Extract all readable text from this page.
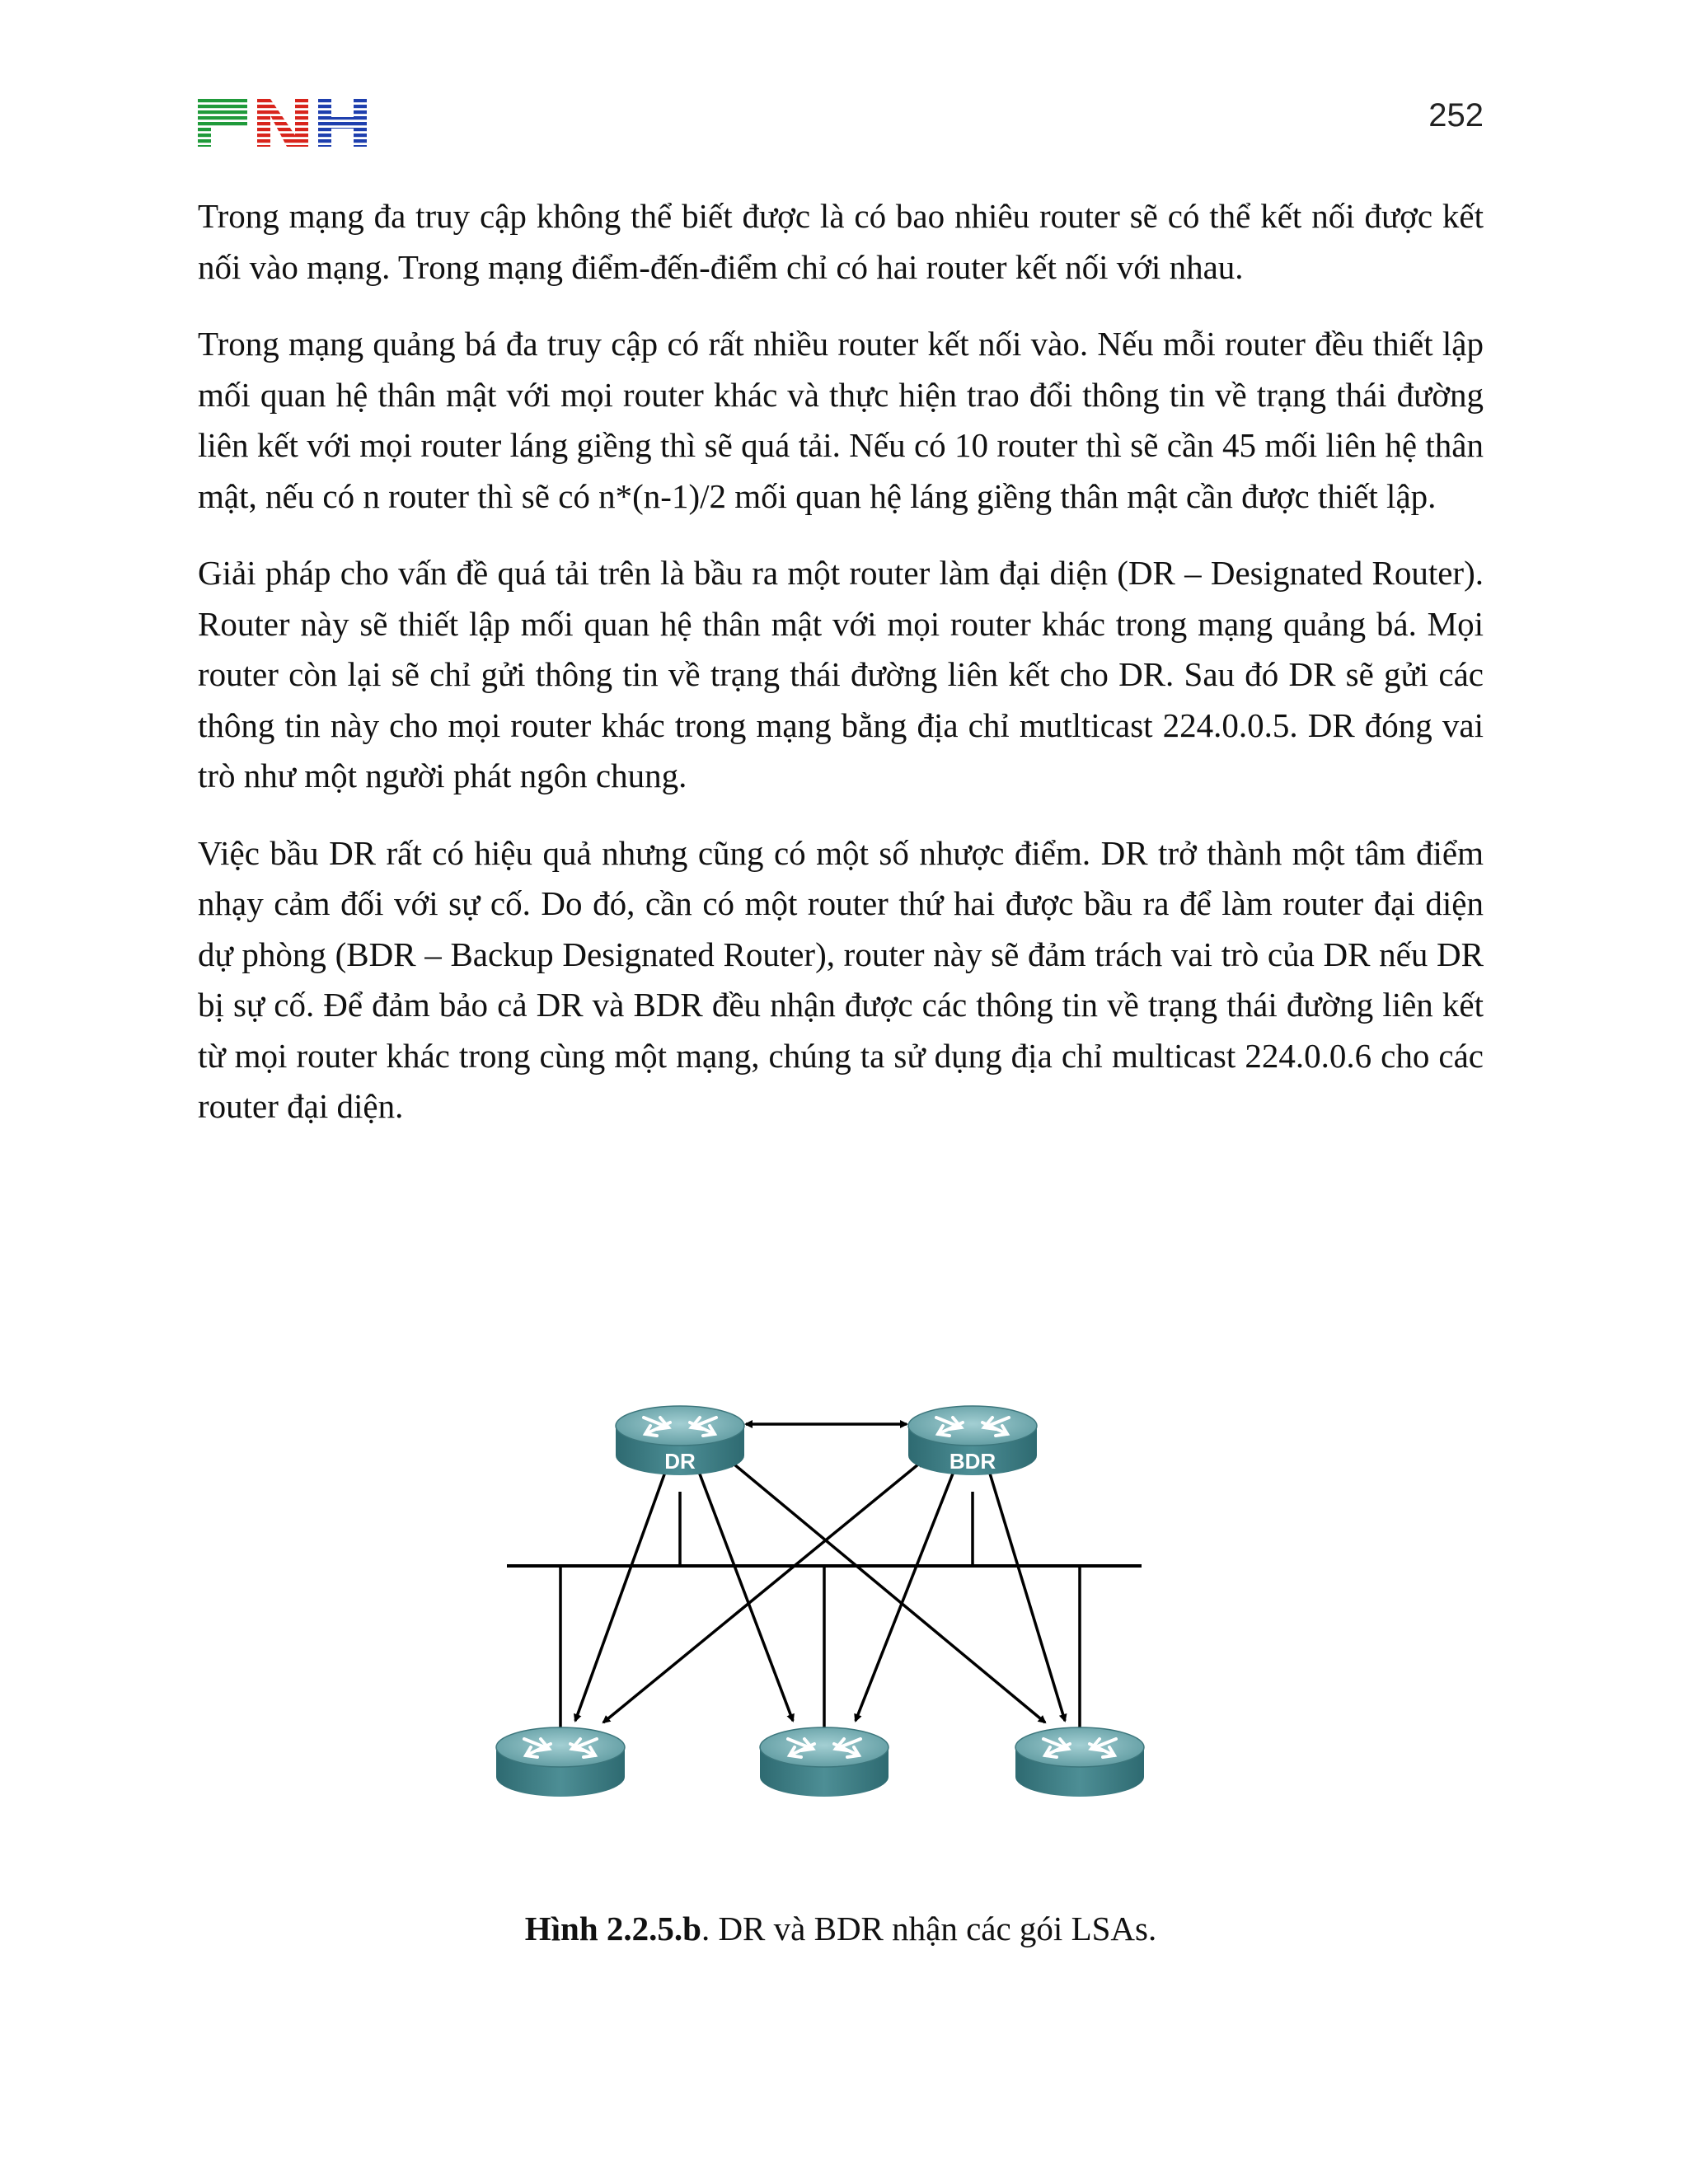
252

Trong mạng đa truy cập không thể biết được là có bao nhiêu router sẽ có thể kết nối được kết nối vào mạng. Trong mạng điểm-đến-điểm chỉ có hai router kết nối với nhau.

Trong mạng quảng bá đa truy cập có rất nhiều router kết nối vào. Nếu mỗi router đều thiết lập mối quan hệ thân mật với mọi router khác và thực hiện trao đổi thông tin về trạng thái đường liên kết với mọi router láng giềng thì sẽ quá tải. Nếu có 10 router thì sẽ cần 45 mối liên hệ thân mật, nếu có n router thì sẽ có n*(n-1)/2 mối quan hệ láng giềng thân mật cần được thiết lập.

Giải pháp cho vấn đề quá tải trên là bầu ra một router làm đại diện (DR – Designated Router). Router này sẽ thiết lập mối quan hệ thân mật với mọi router khác trong mạng quảng bá. Mọi router còn lại sẽ chỉ gửi thông tin về trạng thái đường liên kết cho DR. Sau đó DR sẽ gửi các thông tin này cho mọi router khác trong mạng bằng địa chỉ mutlticast 224.0.0.5. DR đóng vai trò như một người phát ngôn chung.

Việc bầu DR rất có hiệu quả nhưng cũng có một số nhược điểm. DR trở thành một tâm điểm nhạy cảm đối với sự cố. Do đó, cần có một router thứ hai được bầu ra để làm router đại diện dự phòng (BDR – Backup Designated Router), router này sẽ đảm trách vai trò của DR nếu DR bị sự cố. Để đảm bảo cả DR và BDR đều nhận được các thông tin về trạng thái đường liên kết từ mọi router khác trong cùng một mạng, chúng ta sử dụng địa chỉ multicast 224.0.0.6 cho các router đại diện.

DR	BDR
Hình 2.2.5.b. DR và BDR nhận các gói LSAs.
